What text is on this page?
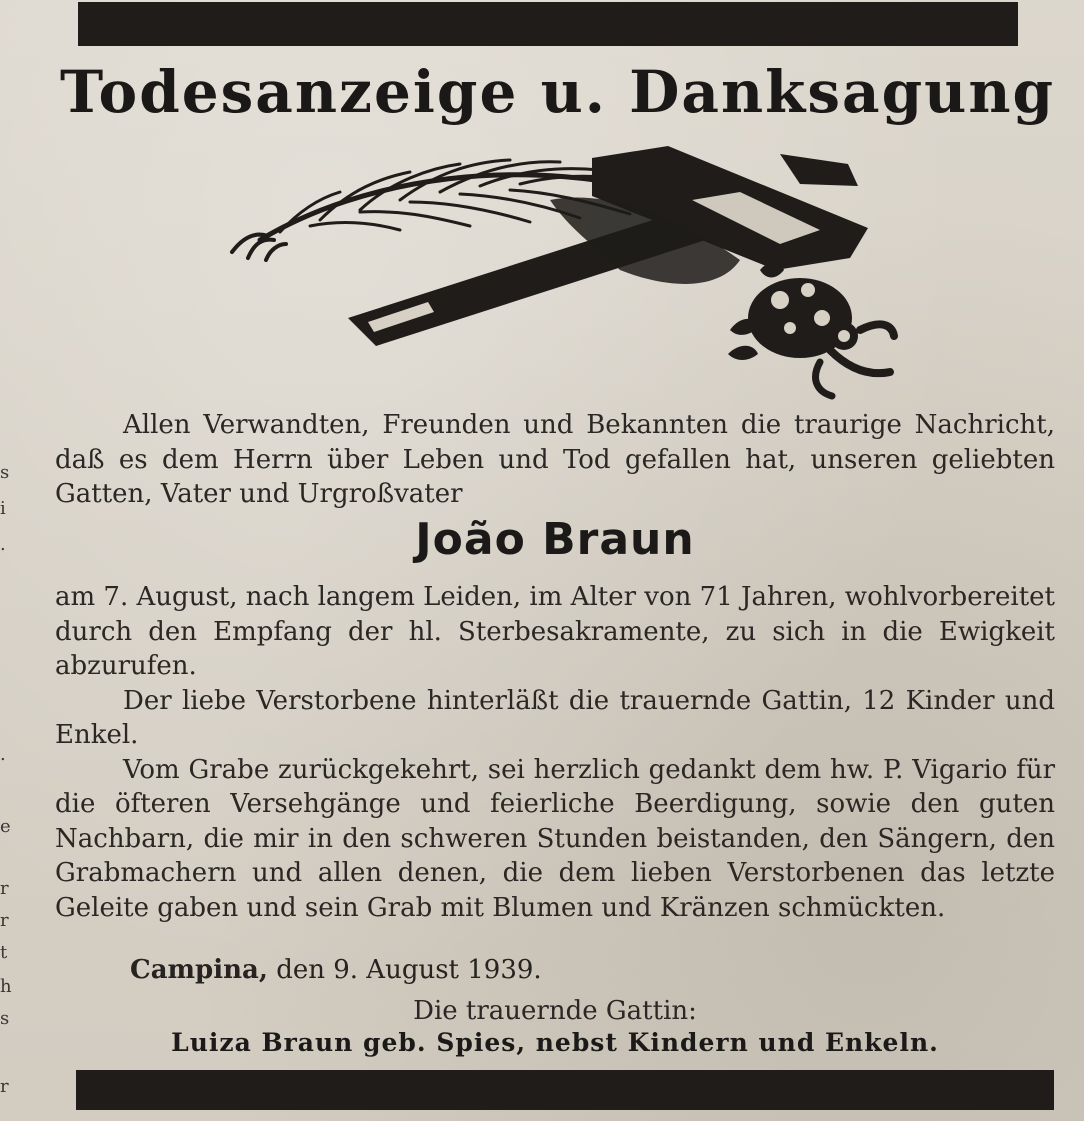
Todesanzeige u. Danksagung

Allen Verwandten, Freunden und Bekannten die traurige Nachricht, daß es dem Herrn über Leben und Tod gefallen hat, unseren geliebten Gatten, Vater und Urgroßvater

João Braun
am 7. August, nach langem Leiden, im Alter von 71 Jahren, wohlvorbereitet durch den Empfang der hl. Sterbesakramente, zu sich in die Ewigkeit abzurufen.
Der liebe Verstorbene hinterläßt die trauernde Gattin, 12 Kinder und Enkel.
Vom Grabe zurückgekehrt, sei herzlich gedankt dem hw. P. Vigario für die öfteren Versehgänge und feierliche Beerdigung, sowie den guten Nachbarn, die mir in den schweren Stunden beistanden, den Sängern, den Grabmachern und allen denen, die dem lieben Verstorbenen das letzte Geleite gaben und sein Grab mit Blumen und Kränzen schmückten.
Campina, den 9. August 1939.
Die trauernde Gattin:
Luiza Braun geb. Spies, nebst Kindern und Enkeln.
s
i
.
.
e
r
r
t
h
s
r
